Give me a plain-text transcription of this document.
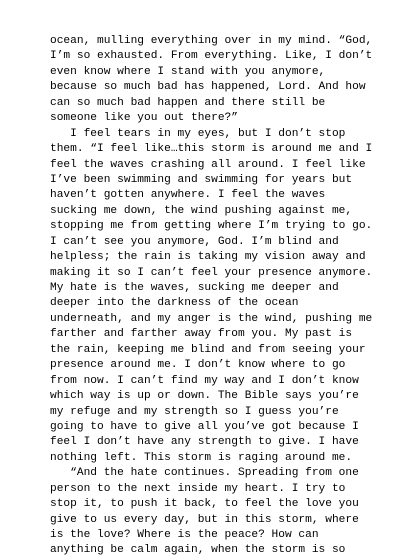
ocean, mulling everything over in my mind. “God,
I’m so exhausted. From everything. Like, I don’t
even know where I stand with you anymore,
because so much bad has happened, Lord. And how
can so much bad happen and there still be
someone like you out there?”
I feel tears in my eyes, but I don’t stop
them. “I feel like…this storm is around me and I
feel the waves crashing all around. I feel like
I’ve been swimming and swimming for years but
haven’t gotten anywhere. I feel the waves
sucking me down, the wind pushing against me,
stopping me from getting where I’m trying to go.
I can’t see you anymore, God. I’m blind and
helpless; the rain is taking my vision away and
making it so I can’t feel your presence anymore.
My hate is the waves, sucking me deeper and
deeper into the darkness of the ocean
underneath, and my anger is the wind, pushing me
farther and farther away from you. My past is
the rain, keeping me blind and from seeing your
presence around me. I don’t know where to go
from now. I can’t find my way and I don’t know
which way is up or down. The Bible says you’re
my refuge and my strength so I guess you’re
going to have to give all you’ve got because I
feel I don’t have any strength to give. I have
nothing left. This storm is raging around me.
“And the hate continues. Spreading from one
person to the next inside my heart. I try to
stop it, to push it back, to feel the love you
give to us every day, but in this storm, where
is the love? Where is the peace? How can
anything be calm again, when the storm is so
